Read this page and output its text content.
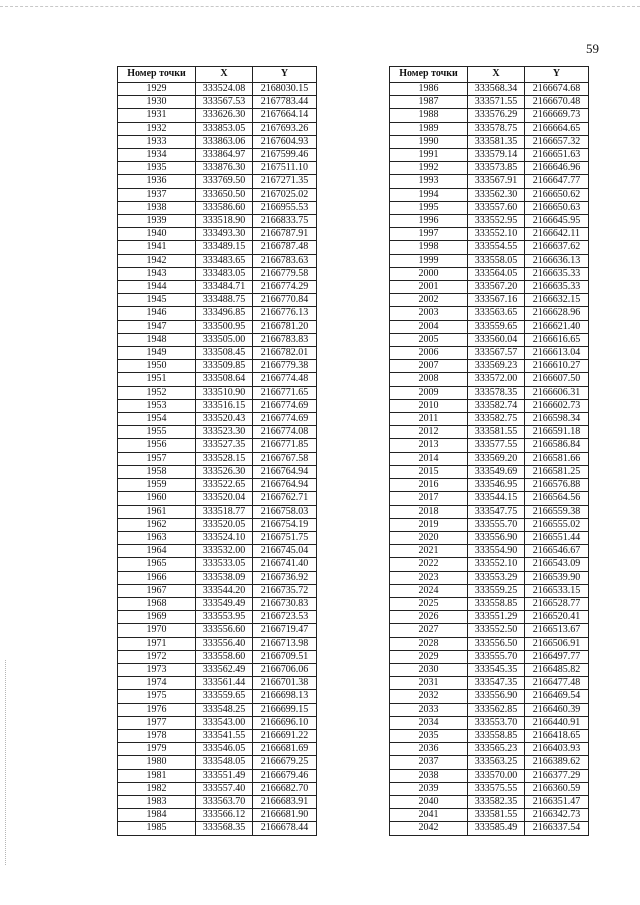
59
Номер точки	X	Y
1929	333524.08	2168030.15
1930	333567.53	2167783.44
1931	333626.30	2167664.14
1932	333853.05	2167693.26
1933	333863.06	2167604.93
1934	333864.97	2167599.46
1935	333876.30	2167511.10
1936	333769.50	2167271.35
1937	333650.50	2167025.02
1938	333586.60	2166955.53
1939	333518.90	2166833.75
1940	333493.30	2166787.91
1941	333489.15	2166787.48
1942	333483.65	2166783.63
1943	333483.05	2166779.58
1944	333484.71	2166774.29
1945	333488.75	2166770.84
1946	333496.85	2166776.13
1947	333500.95	2166781.20
1948	333505.00	2166783.83
1949	333508.45	2166782.01
1950	333509.85	2166779.38
1951	333508.64	2166774.48
1952	333510.90	2166771.65
1953	333516.15	2166774.69
1954	333520.43	2166774.69
1955	333523.30	2166774.08
1956	333527.35	2166771.85
1957	333528.15	2166767.58
1958	333526.30	2166764.94
1959	333522.65	2166764.94
1960	333520.04	2166762.71
1961	333518.77	2166758.03
1962	333520.05	2166754.19
1963	333524.10	2166751.75
1964	333532.00	2166745.04
1965	333533.05	2166741.40
1966	333538.09	2166736.92
1967	333544.20	2166735.72
1968	333549.49	2166730.83
1969	333553.95	2166723.53
1970	333556.60	2166719.47
1971	333556.40	2166713.98
1972	333558.60	2166709.51
1973	333562.49	2166706.06
1974	333561.44	2166701.38
1975	333559.65	2166698.13
1976	333548.25	2166699.15
1977	333543.00	2166696.10
1978	333541.55	2166691.22
1979	333546.05	2166681.69
1980	333548.05	2166679.25
1981	333551.49	2166679.46
1982	333557.40	2166682.70
1983	333563.70	2166683.91
1984	333566.12	2166681.90
1985	333568.35	2166678.44
Номер точки	X	Y
1986	333568.34	2166674.68
1987	333571.55	2166670.48
1988	333576.29	2166669.73
1989	333578.75	2166664.65
1990	333581.35	2166657.32
1991	333579.14	2166651.63
1992	333573.85	2166646.96
1993	333567.91	2166647.77
1994	333562.30	2166650.62
1995	333557.60	2166650.63
1996	333552.95	2166645.95
1997	333552.10	2166642.11
1998	333554.55	2166637.62
1999	333558.05	2166636.13
2000	333564.05	2166635.33
2001	333567.20	2166635.33
2002	333567.16	2166632.15
2003	333563.65	2166628.96
2004	333559.65	2166621.40
2005	333560.04	2166616.65
2006	333567.57	2166613.04
2007	333569.23	2166610.27
2008	333572.00	2166607.50
2009	333578.35	2166606.31
2010	333582.74	2166602.73
2011	333582.75	2166598.34
2012	333581.55	2166591.18
2013	333577.55	2166586.84
2014	333569.20	2166581.66
2015	333549.69	2166581.25
2016	333546.95	2166576.88
2017	333544.15	2166564.56
2018	333547.75	2166559.38
2019	333555.70	2166555.02
2020	333556.90	2166551.44
2021	333554.90	2166546.67
2022	333552.10	2166543.09
2023	333553.29	2166539.90
2024	333559.25	2166533.15
2025	333558.85	2166528.77
2026	333551.29	2166520.41
2027	333552.50	2166513.67
2028	333556.50	2166506.91
2029	333555.70	2166497.77
2030	333545.35	2166485.82
2031	333547.35	2166477.48
2032	333556.90	2166469.54
2033	333562.85	2166460.39
2034	333553.70	2166440.91
2035	333558.85	2166418.65
2036	333565.23	2166403.93
2037	333563.25	2166389.62
2038	333570.00	2166377.29
2039	333575.55	2166360.59
2040	333582.35	2166351.47
2041	333581.55	2166342.73
2042	333585.49	2166337.54
